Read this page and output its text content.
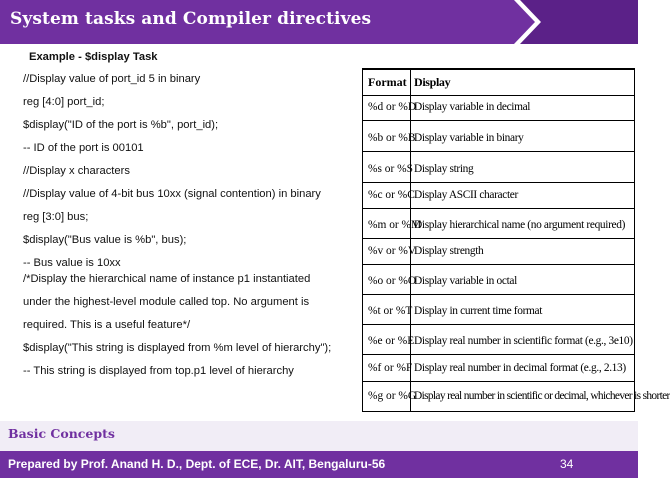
System tasks and Compiler directives
Example - $display Task
//Display value of port_id 5 in binary
reg [4:0] port_id;
$display("ID of the port is %b", port_id);
-- ID of the port is 00101
//Display x characters
//Display value of 4-bit bus 10xx (signal contention) in binary
reg [3:0] bus;
$display("Bus value is %b", bus);
-- Bus value is 10xx
/*Display the hierarchical name of instance p1 instantiated
under the highest-level module called top. No argument is
required. This is a useful feature*/
$display("This string is displayed from %m level of hierarchy");
-- This string is displayed from top.p1 level of hierarchy
Format Display
%d or %D
Display variable in decimal
%b or %B
Display variable in binary
%s or %S Display string
%c or %C Display ASCII character
%m or %M
Display hierarchical name (no argument required)
%v or %V
Display strength
%o or %O
Display variable in octal
%t or %T Display in current time format
%e or %E Display real number in scientific format (e.g., 3e10)
%f or %F Display real number in decimal format (e.g., 2.13)
%g or %G
Display real number in scientific or decimal, whichever is shorter
Basic Concepts
Prepared by Prof. Anand H. D., Dept. of ECE, Dr. AIT, Bengaluru-56	34
